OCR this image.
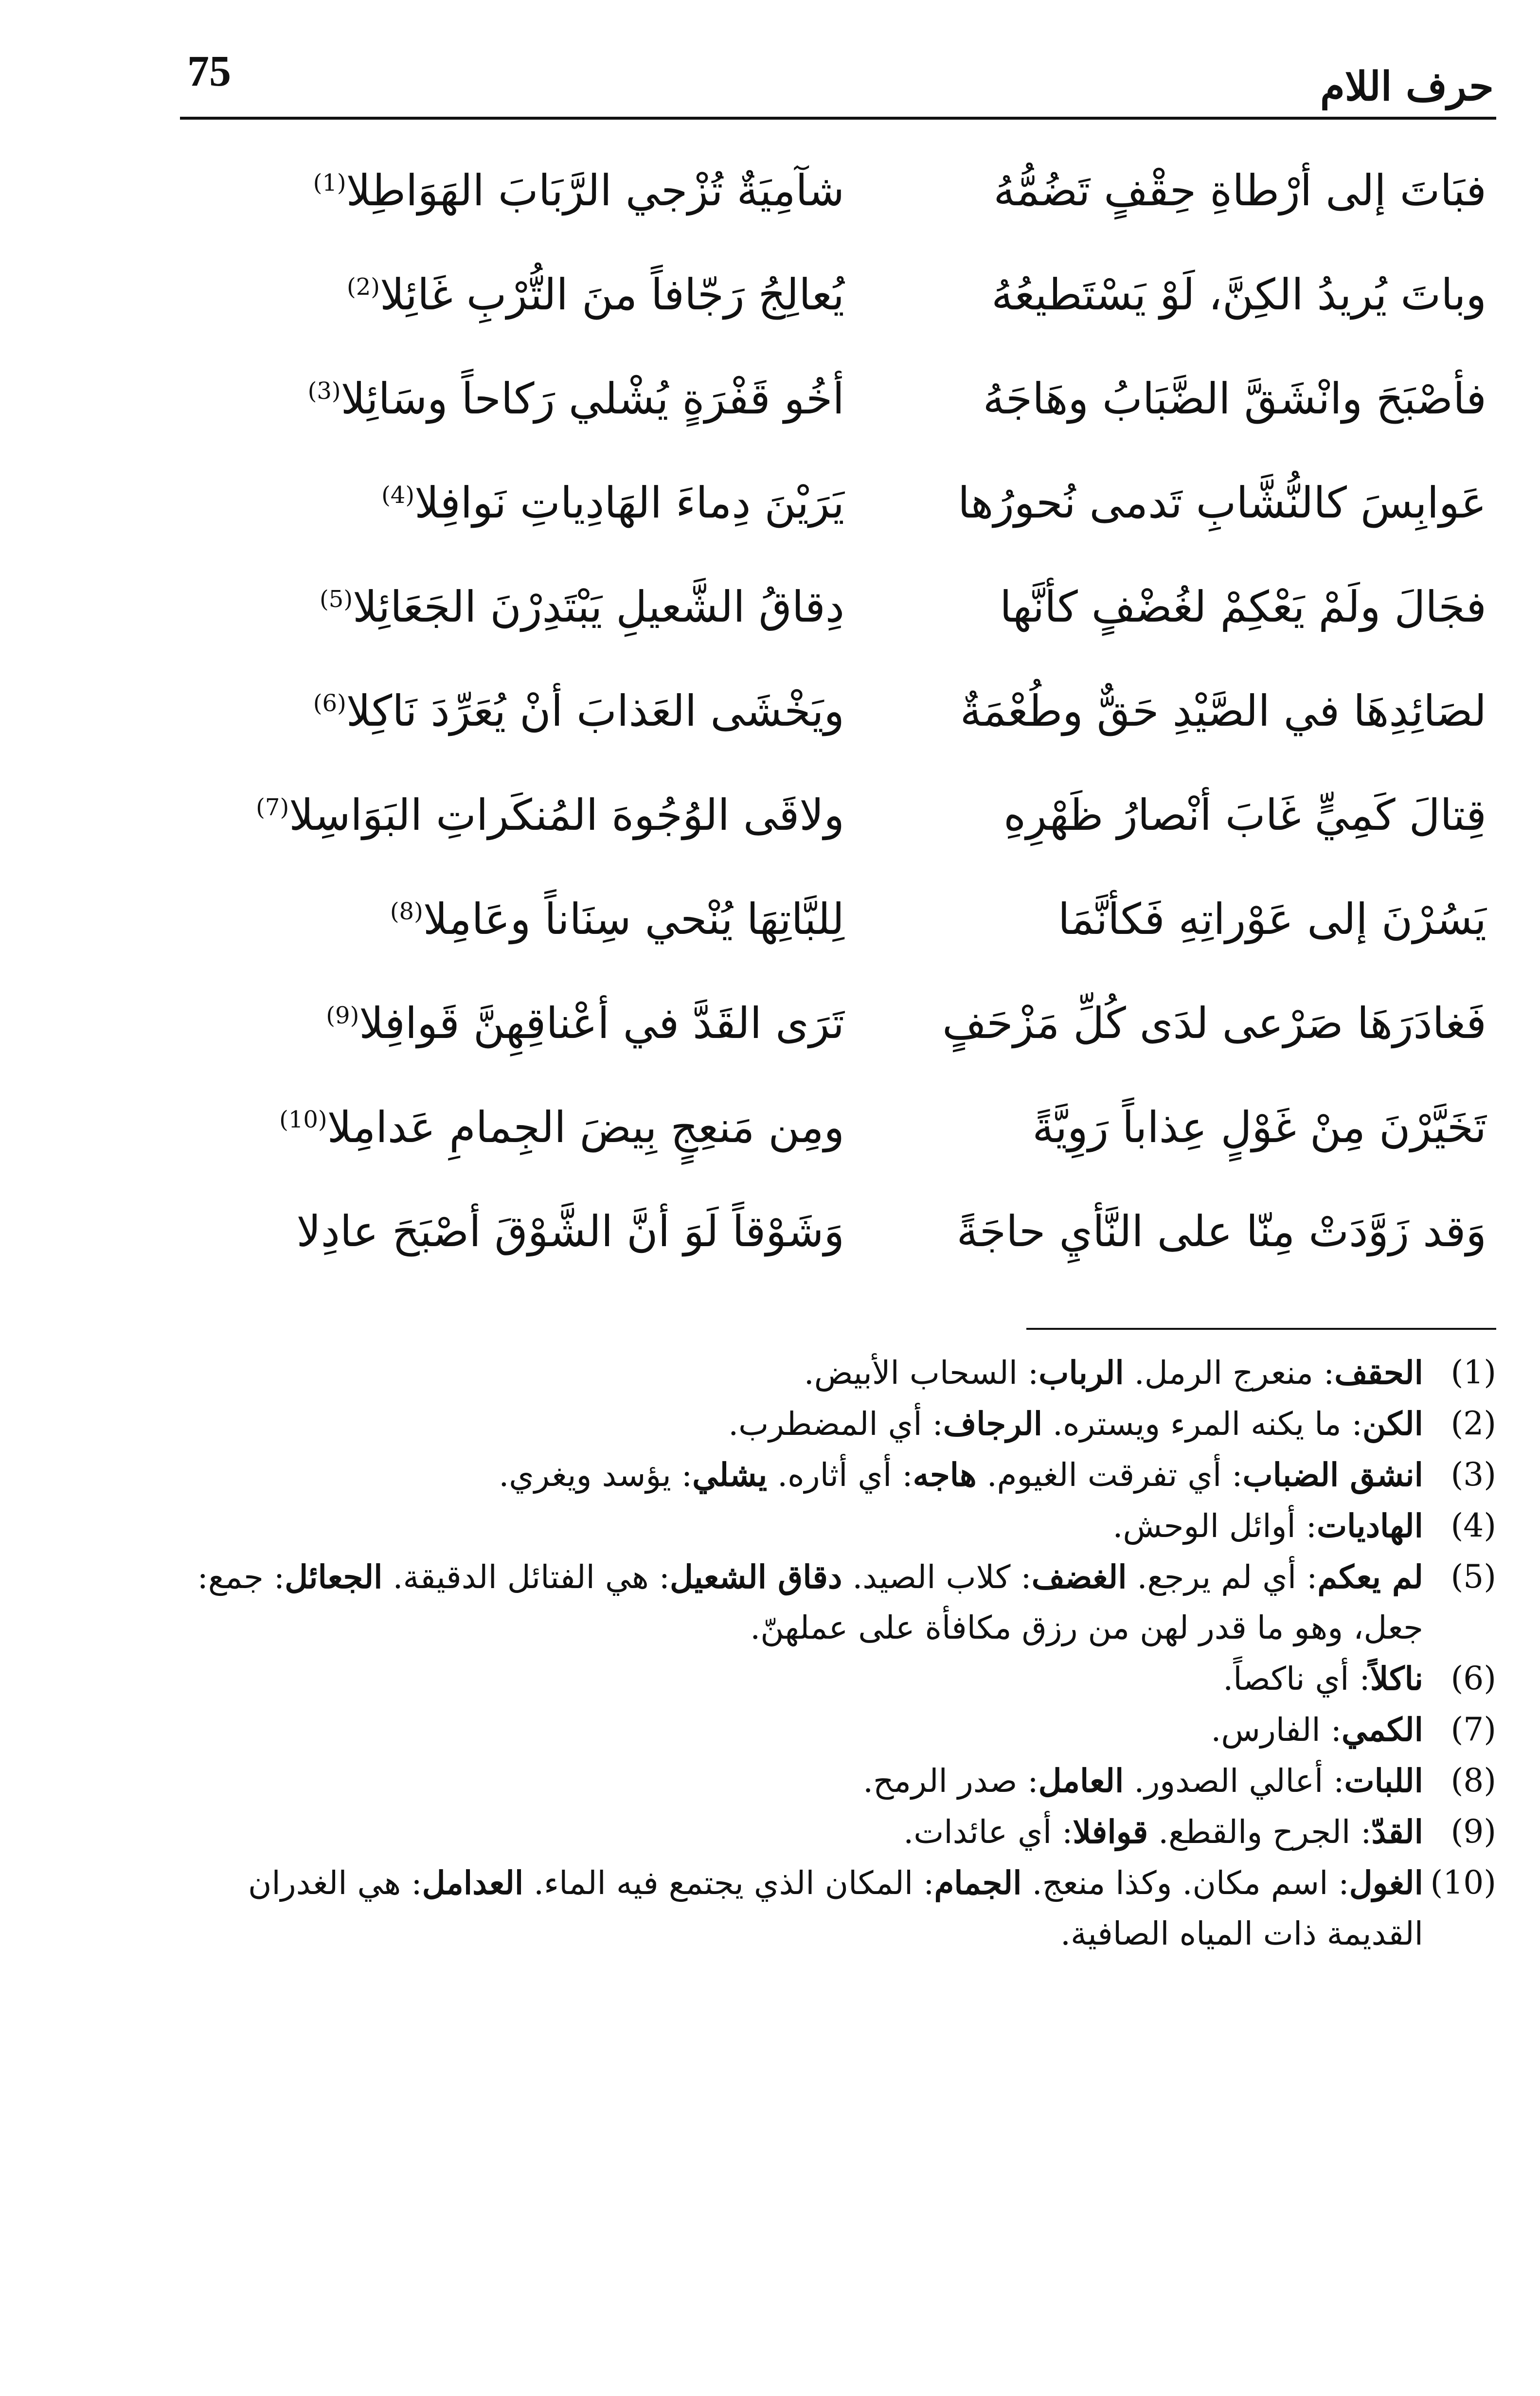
75	حرف اللام
فبَاتَ إلى أرْطاةِ حِقْفٍ تَضُمُّهُ
شآمِيَةٌ تُزْجي الرَّبَابَ الهَوَاطِلا$^{(1)}$
وباتَ يُريدُ الكِنَّ، لَوْ يَسْتَطيعُهُ
يُعالِجُ رَجّافاً منَ التُّرْبِ غَائِلا$^{(2)}$
فأصْبَحَ وانْشَقَّ الضَّبَابُ وهَاجَهُ
أخُو قَفْرَةٍ يُشْلي رَكاحاً وسَائِلا$^{(3)}$
عَوابِسَ كالنُّشَّابِ تَدمى نُحورُها
يَرَيْنَ دِماءَ الهَادِياتِ نَوافِلا$^{(4)}$
فجَالَ ولَمْ يَعْكِمْ لغُضْفٍ كأنَّها
دِقاقُ الشَّعيلِ يَبْتَدِرْنَ الجَعَائِلا$^{(5)}$
لصَائِدِهَا في الصَّيْدِ حَقٌّ وطُعْمَةٌ
ويَخْشَى العَذابَ أنْ يُعَرِّدَ نَاكِلا$^{(6)}$
قِتالَ كَمِيٍّ غَابَ أنْصارُ ظَهْرِهِ
ولاقَى الوُجُوهَ المُنكَراتِ البَوَاسِلا$^{(7)}$
يَسُرْنَ إلى عَوْراتِهِ فَكأنَّمَا
لِلبَّاتِهَا يُنْحي سِنَاناً وعَامِلا$^{(8)}$
فَغادَرَهَا صَرْعى لدَى كُلِّ مَزْحَفٍ
تَرَى القَدَّ في أعْناقِهِنَّ قَوافِلا$^{(9)}$
تَخَيَّرْنَ مِنْ غَوْلٍ عِذاباً رَوِيَّةً
ومِن مَنعِجٍ بِيضَ الجِمامِ عَدامِلا$^{(10)}$
وَقد زَوَّدَتْ مِنّا على النَّأيِ حاجَةً
وَشَوْقاً لَوَ أنَّ الشَّوْقَ أصْبَحَ عادِلا
(1)
الحقف: منعرج الرمل. الرباب: السحاب الأبيض.
(2)
الكن: ما يكنه المرء ويستره. الرجاف: أي المضطرب.
(3)
انشق الضباب: أي تفرقت الغيوم. هاجه: أي أثاره. يشلي: يؤسد ويغري.
(4)
الهاديات: أوائل الوحش.
(5)
لم يعكم: أي لم يرجع. الغضف: كلاب الصيد. دقاق الشعيل: هي الفتائل الدقيقة. الجعائل: جمع: جعل، وهو ما قدر لهن من رزق مكافأة على عملهنّ.
(6)
ناكلاً: أي ناكصاً.
(7)
الكمي: الفارس.
(8)
اللبات: أعالي الصدور. العامل: صدر الرمح.
(9)
القدّ: الجرح والقطع. قوافلا: أي عائدات.
(10)
الغول: اسم مكان. وكذا منعج. الجمام: المكان الذي يجتمع فيه الماء. العدامل: هي الغدران القديمة ذات المياه الصافية.
